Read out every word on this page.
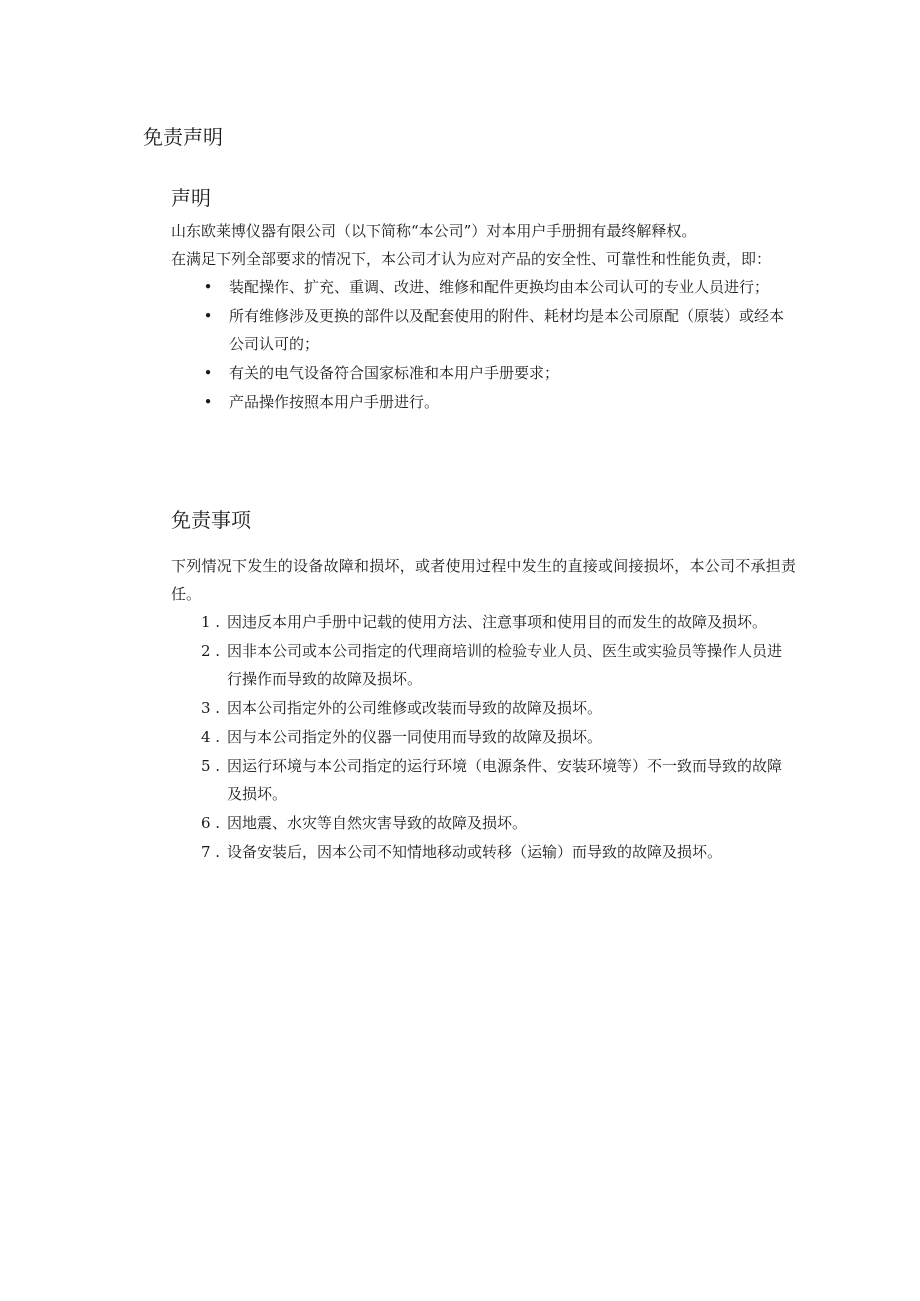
免责声明
声明

山东欧莱博仪器有限公司（以下简称“本公司”）对本用户手册拥有最终解释权。

在满足下列全部要求的情况下，本公司才认为应对产品的安全性、可靠性和性能负责，即：

• 装配操作、扩充、重调、改进、维修和配件更换均由本公司认可的专业人员进行；
• 所有维修涉及更换的部件以及配套使用的附件、耗材均是本公司原配（原装）或经本公司认可的；
• 有关的电气设备符合国家标准和本用户手册要求；
• 产品操作按照本用户手册进行。
免责事项

下列情况下发生的设备故障和损坏，或者使用过程中发生的直接或间接损坏，本公司不承担责任。

1 . 因违反本用户手册中记载的使用方法、注意事项和使用目的而发生的故障及损坏。
2 . 因非本公司或本公司指定的代理商培训的检验专业人员、医生或实验员等操作人员进行操作而导致的故障及损坏。
3 . 因本公司指定外的公司维修或改装而导致的故障及损坏。
4 . 因与本公司指定外的仪器一同使用而导致的故障及损坏。
5 . 因运行环境与本公司指定的运行环境（电源条件、安装环境等）不一致而导致的故障及损坏。
6 . 因地震、水灾等自然灾害导致的故障及损坏。
7 . 设备安装后，因本公司不知情地移动或转移（运输）而导致的故障及损坏。
